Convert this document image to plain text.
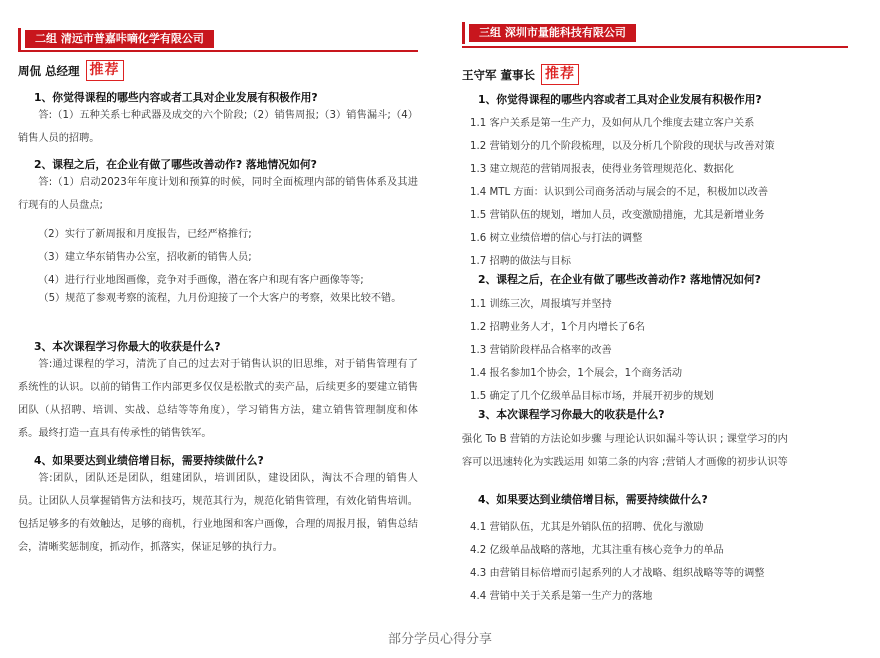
二组 清远市普嘉咔嘀化学有限公司
周侃 总经理 推荐
1、你觉得课程的哪些内容或者工具对企业发展有积极作用?
答:（1）五种关系七种武器及成交的六个阶段;（2）销售周报;（3）销售漏斗;（4）销售人员的招聘。
2、课程之后，在企业有做了哪些改善动作? 落地情况如何?
答:（1）启动2023年年度计划和预算的时候，同时全面梳理内部的销售体系及其进行现有的人员盘点;
（2）实行了新周报和月度报告，已经严格推行;
（3）建立华东销售办公室，招收新的销售人员;
（4）进行行业地图画像，竞争对手画像，潜在客户和现有客户画像等等;
（5）规范了参观考察的流程，九月份迎接了一个大客户的考察，效果比较不错。
3、本次课程学习你最大的收获是什么?
答:通过课程的学习，清洗了自己的过去对于销售认识的旧思维，对于销售管理有了系统性的认识。以前的销售工作内部更多仅仅是松散式的卖产品，后续更多的要建立销售团队（从招聘、培训、实战、总结等等角度），学习销售方法，建立销售管理制度和体系。最终打造一直具有传承性的销售铁军。
4、如果要达到业绩倍增目标，需要持续做什么?
答:团队，团队还是团队，组建团队，培训团队，建设团队，淘汰不合理的销售人员。让团队人员掌握销售方法和技巧，规范其行为，规范化销售管理，有效化销售培训。包括足够多的有效触达，足够的商机，行业地图和客户画像，合理的周报月报，销售总结会，清晰奖惩制度，抓动作，抓落实，保证足够的执行力。
三组 深圳市量能科技有限公司
王守军 董事长 推荐
1、你觉得课程的哪些内容或者工具对企业发展有积极作用?
1.1 客户关系是第一生产力，及如何从几个维度去建立客户关系
1.2 营销划分的几个阶段梳理，以及分析几个阶段的现状与改善对策
1.3 建立规范的营销周报表，使得业务管理规范化、数据化
1.4 MTL 方面：认识到公司商务活动与展会的不足，积极加以改善
1.5 营销队伍的规划，增加人员，改变激励措施，尤其是新增业务
1.6 树立业绩倍增的信心与打法的调整
1.7 招聘的做法与目标
2、课程之后，在企业有做了哪些改善动作? 落地情况如何?
1.1 训练三次，周报填写并坚持
1.2 招聘业务人才，1个月内增长了6名
1.3 营销阶段样品合格率的改善
1.4 报名参加1个协会，1个展会，1个商务活动
1.5 确定了几个亿级单品目标市场，并展开初步的规划
3、本次课程学习你最大的收获是什么?
强化 To B 营销的方法论如步骤 与理论认识如漏斗等认识 ; 课堂学习的内
容可以迅速转化为实践运用 如第二条的内容 ;营销人才画像的初步认识等
4、如果要达到业绩倍增目标，需要持续做什么?
4.1 营销队伍，尤其是外销队伍的招聘、优化与激励
4.2 亿级单品战略的落地，尤其注重有核心竞争力的单品
4.3 由营销目标倍增而引起系列的人才战略、组织战略等等的调整
4.4 营销中关于关系是第一生产力的落地
部分学员心得分享
